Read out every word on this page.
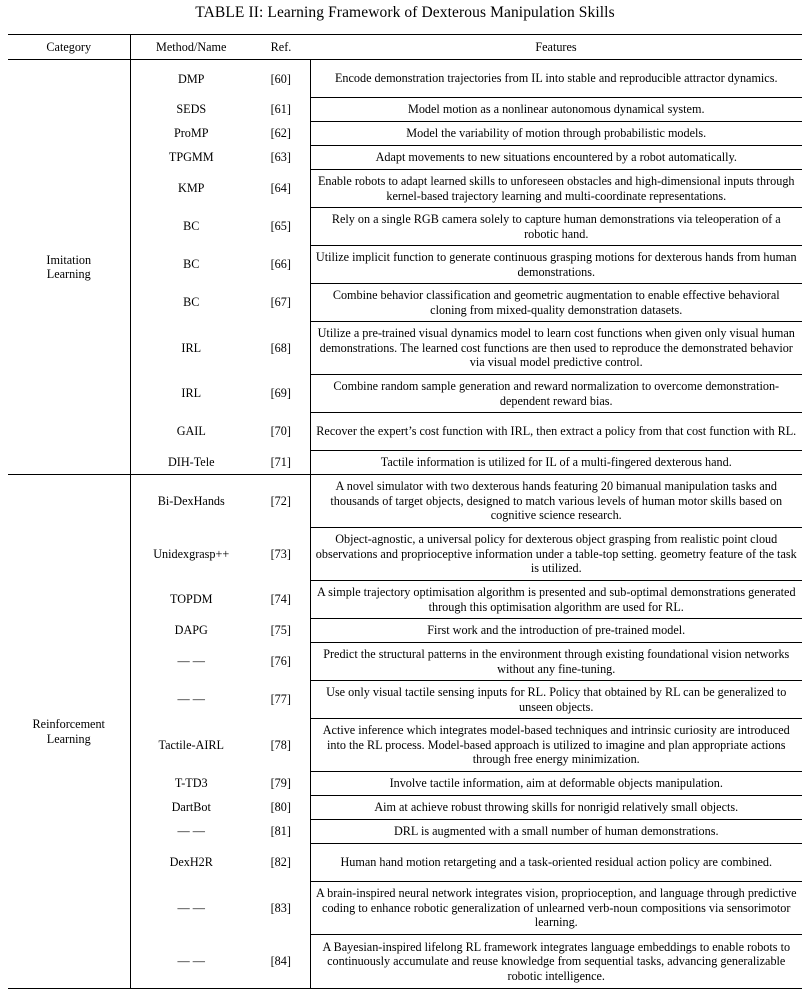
TABLE II: Learning Framework of Dexterous Manipulation Skills
Category	Method/Name	Ref.	Features
Imitation
Learning	DMP	[60]	Encode demonstration trajectories from IL into stable and reproducible attractor dynamics.
	SEDS	[61]	Model motion as a nonlinear autonomous dynamical system.
	ProMP	[62]	Model the variability of motion through probabilistic models.
	TPGMM	[63]	Adapt movements to new situations encountered by a robot automatically.
	KMP	[64]	Enable robots to adapt learned skills to unforeseen obstacles and high-dimensional inputs through kernel-based trajectory learning and multi-coordinate representations.
	BC	[65]	Rely on a single RGB camera solely to capture human demonstrations via teleoperation of a robotic hand.
	BC	[66]	Utilize implicit function to generate continuous grasping motions for dexterous hands from human demonstrations.
	BC	[67]	Combine behavior classification and geometric augmentation to enable effective behavioral cloning from mixed-quality demonstration datasets.
	IRL	[68]	Utilize a pre-trained visual dynamics model to learn cost functions when given only visual human demonstrations. The learned cost functions are then used to reproduce the demonstrated behavior via visual model predictive control.
	IRL	[69]	Combine random sample generation and reward normalization to overcome demonstration-dependent reward bias.
	GAIL	[70]	Recover the expert’s cost function with IRL, then extract a policy from that cost function with RL.
	DIH-Tele	[71]	Tactile information is utilized for IL of a multi-fingered dexterous hand.
Reinforcement
Learning	Bi-DexHands	[72]	A novel simulator with two dexterous hands featuring 20 bimanual manipulation tasks and thousands of target objects, designed to match various levels of human motor skills based on cognitive science research.
	Unidexgrasp++	[73]	Object-agnostic, a universal policy for dexterous object grasping from realistic point cloud observations and proprioceptive information under a table-top setting. geometry feature of the task is utilized.
	TOPDM	[74]	A simple trajectory optimisation algorithm is presented and sub-optimal demonstrations generated through this optimisation algorithm are used for RL.
	DAPG	[75]	First work and the introduction of pre-trained model.
	— —	[76]	Predict the structural patterns in the environment through existing foundational vision networks without any fine-tuning.
	— —	[77]	Use only visual tactile sensing inputs for RL. Policy that obtained by RL can be generalized to unseen objects.
	Tactile-AIRL	[78]	Active inference which integrates model-based techniques and intrinsic curiosity are introduced into the RL process. Model-based approach is utilized to imagine and plan appropriate actions through free energy minimization.
	T-TD3	[79]	Involve tactile information, aim at deformable objects manipulation.
	DartBot	[80]	Aim at achieve robust throwing skills for nonrigid relatively small objects.
	— —	[81]	DRL is augmented with a small number of human demonstrations.
	DexH2R	[82]	Human hand motion retargeting and a task-oriented residual action policy are combined.
	— —	[83]	A brain-inspired neural network integrates vision, proprioception, and language through predictive coding to enhance robotic generalization of unlearned verb-noun compositions via sensorimotor learning.
	— —	[84]	A Bayesian-inspired lifelong RL framework integrates language embeddings to enable robots to continuously accumulate and reuse knowledge from sequential tasks, advancing generalizable robotic intelligence.
